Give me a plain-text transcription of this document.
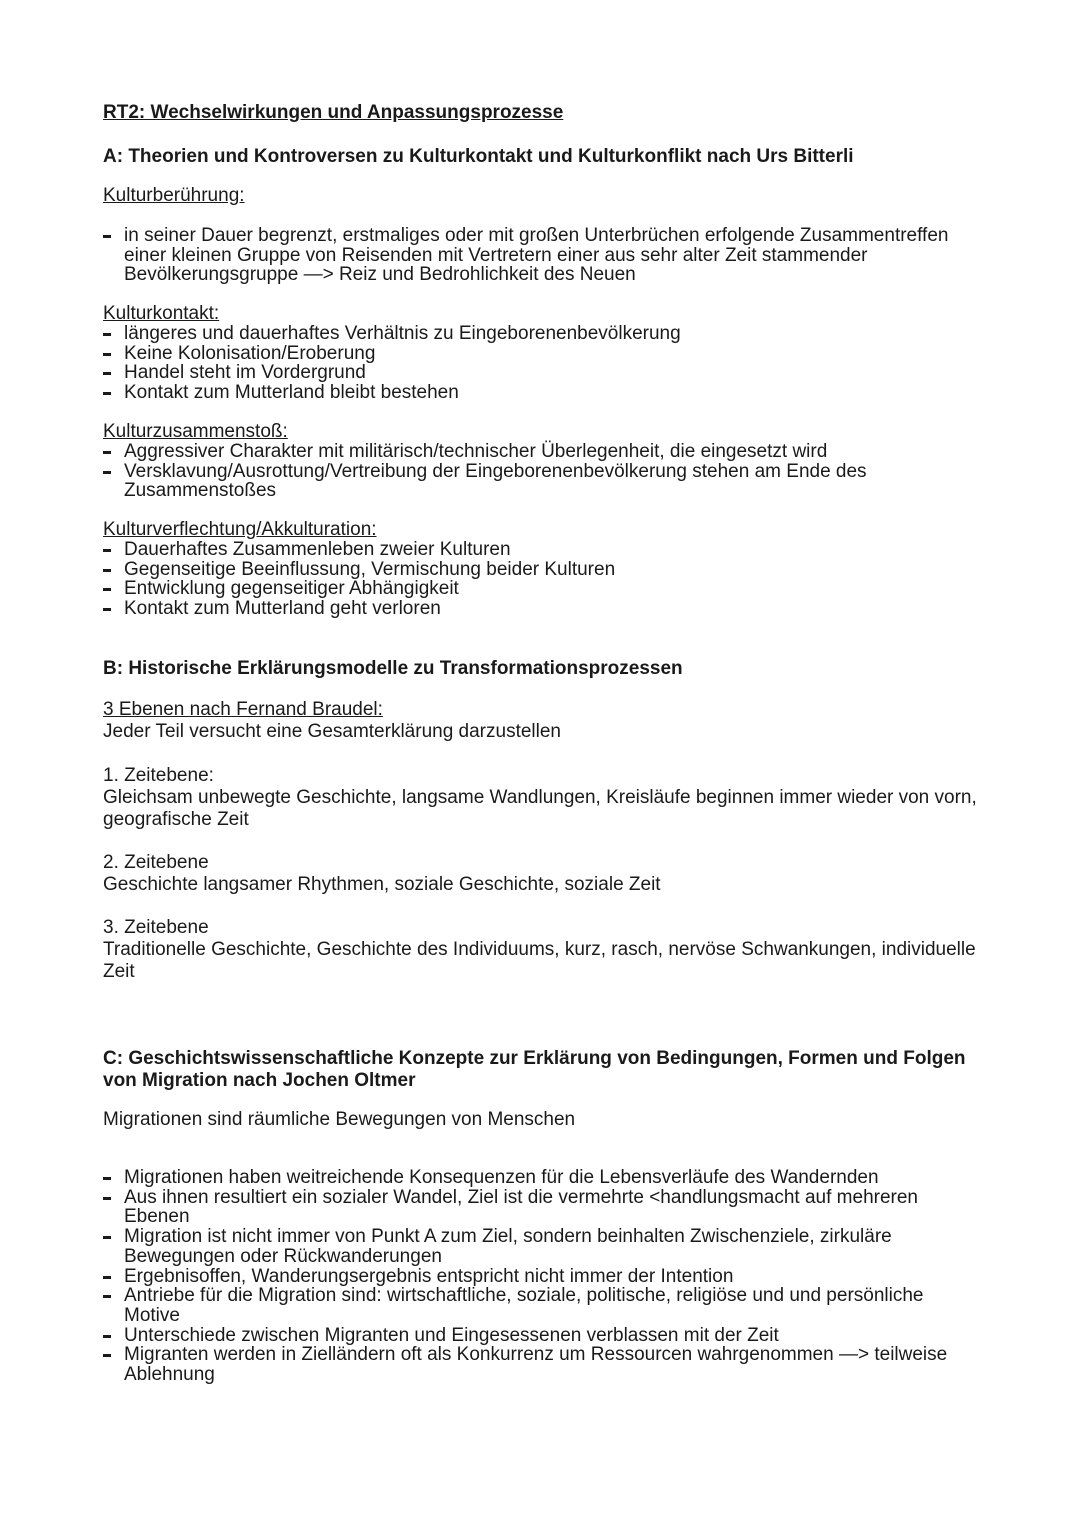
RT2: Wechselwirkungen und Anpassungsprozesse
A: Theorien und Kontroversen zu Kulturkontakt und Kulturkonflikt nach Urs Bitterli
Kulturberührung:
in seiner Dauer begrenzt, erstmaliges oder mit großen Unterbrüchen erfolgende Zusammentreffen einer kleinen Gruppe von Reisenden mit Vertretern einer aus sehr alter Zeit stammender Bevölkerungsgruppe —> Reiz und Bedrohlichkeit des Neuen
Kulturkontakt:
längeres und dauerhaftes Verhältnis zu Eingeborenenbevölkerung
Keine Kolonisation/Eroberung
Handel steht im Vordergrund
Kontakt zum Mutterland bleibt bestehen
Kulturzusammenstoß:
Aggressiver Charakter mit militärisch/technischer Überlegenheit, die eingesetzt wird
Versklavung/Ausrottung/Vertreibung der Eingeborenenbevölkerung stehen am Ende des Zusammenstoßes
Kulturverflechtung/Akkulturation:
Dauerhaftes Zusammenleben zweier Kulturen
Gegenseitige Beeinflussung, Vermischung beider Kulturen
Entwicklung gegenseitiger Abhängigkeit
Kontakt zum Mutterland geht verloren
B: Historische Erklärungsmodelle zu Transformationsprozessen
3 Ebenen nach Fernand Braudel:
Jeder Teil versucht eine Gesamterklärung darzustellen
1. Zeitebene:
Gleichsam unbewegte Geschichte, langsame Wandlungen, Kreisläufe beginnen immer wieder von vorn, geografische Zeit
2. Zeitebene
Geschichte langsamer Rhythmen, soziale Geschichte, soziale Zeit
3. Zeitebene
Traditionelle Geschichte, Geschichte des Individuums, kurz, rasch, nervöse Schwankungen, individuelle Zeit
C: Geschichtswissenschaftliche Konzepte zur Erklärung von Bedingungen, Formen und Folgen von Migration nach Jochen Oltmer
Migrationen sind räumliche Bewegungen von Menschen
Migrationen haben weitreichende Konsequenzen für die Lebensverläufe des Wandernden
Aus ihnen resultiert ein sozialer Wandel, Ziel ist die vermehrte <handlungsmacht auf mehreren Ebenen
Migration ist nicht immer von Punkt A zum Ziel, sondern beinhalten Zwischenziele, zirkuläre Bewegungen oder Rückwanderungen
Ergebnisoffen, Wanderungsergebnis entspricht nicht immer der Intention
Antriebe für die Migration sind: wirtschaftliche, soziale, politische, religiöse und und persönliche Motive
Unterschiede zwischen Migranten und Eingesessenen verblassen mit der Zeit
Migranten werden in Zielländern oft als Konkurrenz um Ressourcen wahrgenommen —> teilweise Ablehnung
